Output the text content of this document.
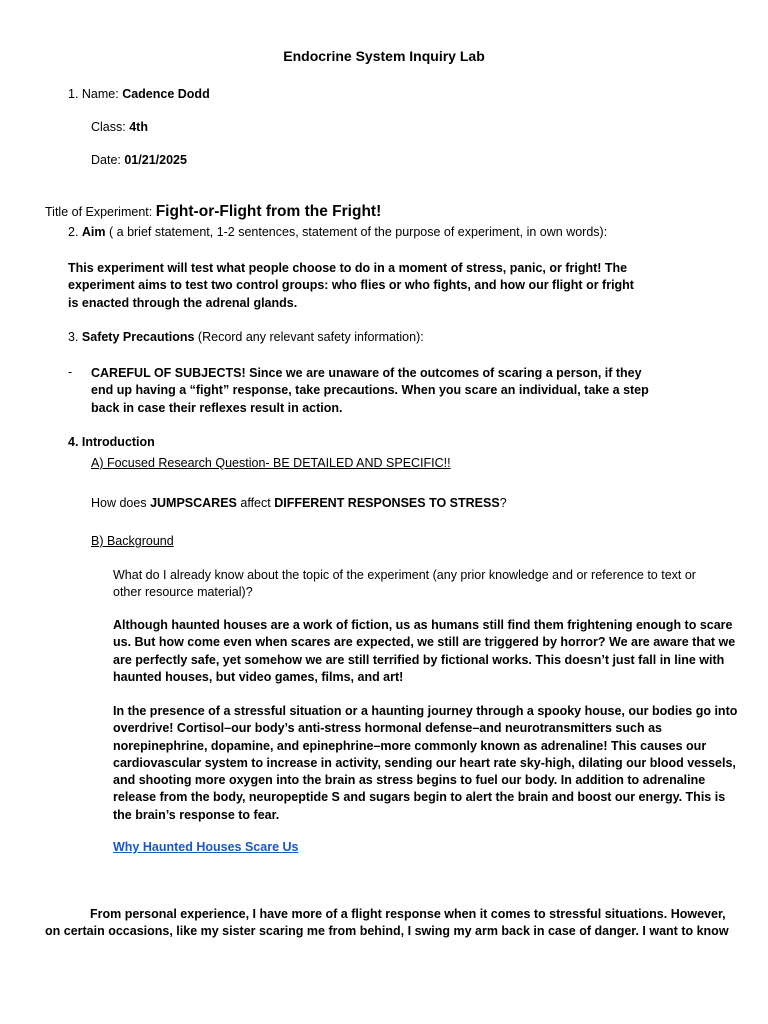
Endocrine System Inquiry Lab
1. Name: Cadence Dodd
Class: 4th
Date: 01/21/2025
Title of Experiment: Fight-or-Flight from the Fright!
2. Aim ( a brief statement, 1-2 sentences, statement of the purpose of experiment, in own words):
This experiment will test what people choose to do in a moment of stress, panic, or fright! The
experiment aims to test two control groups: who flies or who fights, and how our flight or fright
is enacted through the adrenal glands.
3. Safety Precautions (Record any relevant safety information):
- CAREFUL OF SUBJECTS! Since we are unaware of the outcomes of scaring a person, if they
end up having a “fight” response, take precautions. When you scare an individual, take a step
back in case their reflexes result in action.
4. Introduction
A) Focused Research Question- BE DETAILED AND SPECIFIC!!
How does JUMPSCARES affect DIFFERENT RESPONSES TO STRESS?
B) Background
What do I already know about the topic of the experiment (any prior knowledge and or reference to text or
other resource material)?
Although haunted houses are a work of fiction, us as humans still find them frightening enough to scare
us. But how come even when scares are expected, we still are triggered by horror? We are aware that we
are perfectly safe, yet somehow we are still terrified by fictional works. This doesn’t just fall in line with
haunted houses, but video games, films, and art!
In the presence of a stressful situation or a haunting journey through a spooky house, our bodies go into
overdrive! Cortisol–our body’s anti-stress hormonal defense–and neurotransmitters such as
norepinephrine, dopamine, and epinephrine–more commonly known as adrenaline! This causes our
cardiovascular system to increase in activity, sending our heart rate sky-high, dilating our blood vessels,
and shooting more oxygen into the brain as stress begins to fuel our body. In addition to adrenaline
release from the body, neuropeptide S and sugars begin to alert the brain and boost our energy. This is
the brain’s response to fear.
Why Haunted Houses Scare Us
From personal experience, I have more of a flight response when it comes to stressful situations. However,
on certain occasions, like my sister scaring me from behind, I swing my arm back in case of danger. I want to know
